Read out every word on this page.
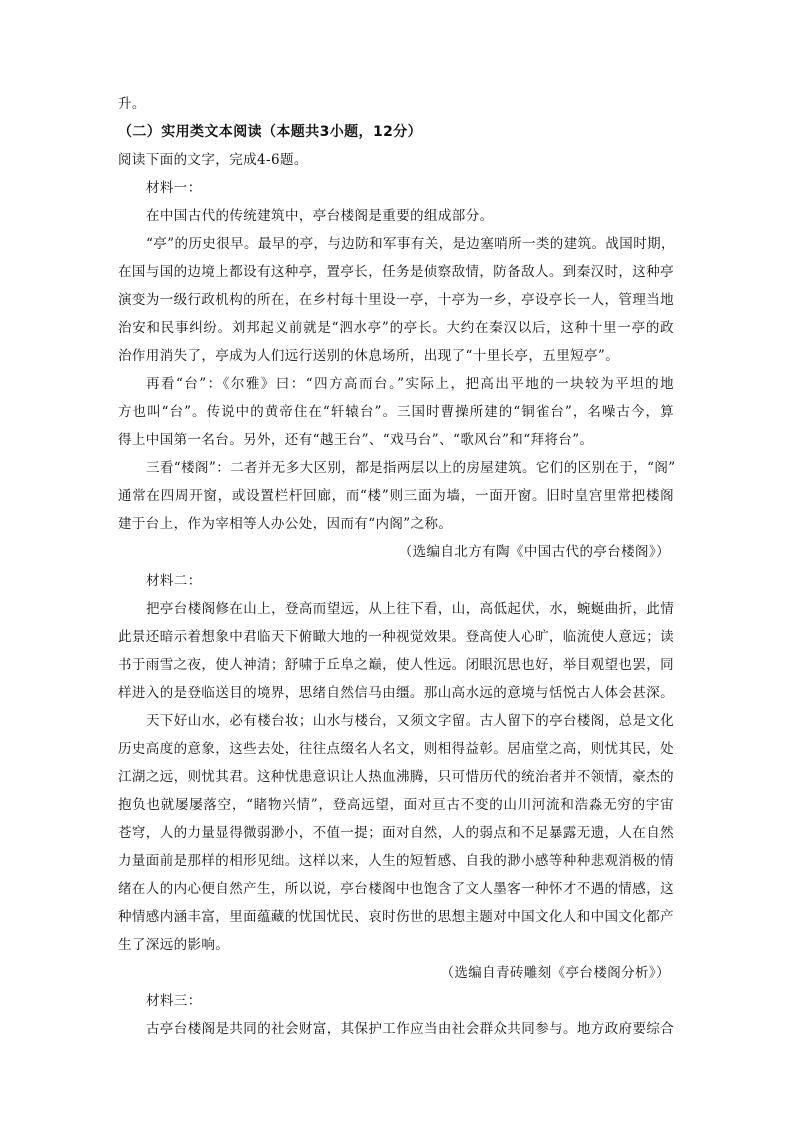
升。
（二）实用类文本阅读（本题共3小题，12分）
阅读下面的文字，完成4-6题。
材料一：
在中国古代的传统建筑中，亭台楼阁是重要的组成部分。
“亭”的历史很早。最早的亭，与边防和军事有关，是边塞哨所一类的建筑。战国时期，
在国与国的边境上都设有这种亭，置亭长，任务是侦察敌情，防备敌人。到秦汉时，这种亭
演变为一级行政机构的所在，在乡村每十里设一亭，十亭为一乡，亭设亭长一人，管理当地
治安和民事纠纷。刘邦起义前就是“泗水亭”的亭长。大约在秦汉以后，这种十里一亭的政
治作用消失了，亭成为人们远行送别的休息场所，出现了“十里长亭，五里短亭”。
再看“台”：《尔雅》曰：“四方高而台。”实际上，把高出平地的一块较为平坦的地
方也叫“台”。传说中的黄帝住在“轩辕台”。三国时曹操所建的“铜雀台”，名噪古今，算
得上中国第一名台。另外，还有“越王台”、“戏马台”、“歌风台”和“拜将台”。
三看“楼阁”：二者并无多大区别，都是指两层以上的房屋建筑。它们的区别在于，“阁”
通常在四周开窗，或设置栏杆回廊，而“楼”则三面为墙，一面开窗。旧时皇宫里常把楼阁
建于台上，作为宰相等人办公处，因而有“内阁”之称。
（选编自北方有陶《中国古代的亭台楼阁》）
材料二：
把亭台楼阁修在山上，登高而望远，从上往下看，山，高低起伏，水，蜿蜒曲折，此情
此景还暗示着想象中君临天下俯瞰大地的一种视觉效果。登高使人心旷，临流使人意远；读
书于雨雪之夜，使人神清；舒啸于丘阜之巅，使人性远。闭眼沉思也好，举目观望也罢，同
样进入的是登临送目的境界，思绪自然信马由缰。那山高水远的意境与恬悦古人体会甚深。
天下好山水，必有楼台妆；山水与楼台，又须文字留。古人留下的亭台楼阁，总是文化
历史高度的意象，这些去处，往往点缀名人名文，则相得益彰。居庙堂之高，则忧其民，处
江湖之远，则忧其君。这种忧患意识让人热血沸腾，只可惜历代的统治者并不领情，豪杰的
抱负也就屡屡落空，“睹物兴情”，登高远望，面对亘古不变的山川河流和浩淼无穷的宇宙
苍穹，人的力量显得微弱渺小，不值一提；面对自然，人的弱点和不足暴露无遗，人在自然
力量面前是那样的相形见绌。这样以来，人生的短暂感、自我的渺小感等种种悲观消极的情
绪在人的内心便自然产生，所以说，亭台楼阁中也饱含了文人墨客一种怀才不遇的情感，这
种情感内涵丰富，里面蕴藏的忧国忧民、哀时伤世的思想主题对中国文化人和中国文化都产
生了深远的影响。
（选编自青砖雕刻《亭台楼阁分析》）
材料三：
古亭台楼阁是共同的社会财富，其保护工作应当由社会群众共同参与。地方政府要综合
